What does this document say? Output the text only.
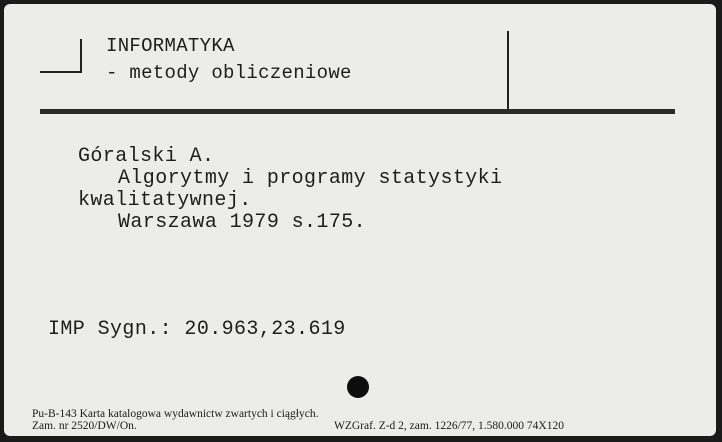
INFORMATYKA
- metody obliczeniowe
Góralski A.
Algorytmy i programy statystyki
kwalitatywnej.
Warszawa 1979 s.175.
IMP Sygn.: 20.963,23.619
Pu-B-143 Karta katalogowa wydawnictw zwartych i ciągłych.
Zam. nr 2520/DW/On.	WZGraf. Z-d 2, zam. 1226/77, 1.580.000 74X120
